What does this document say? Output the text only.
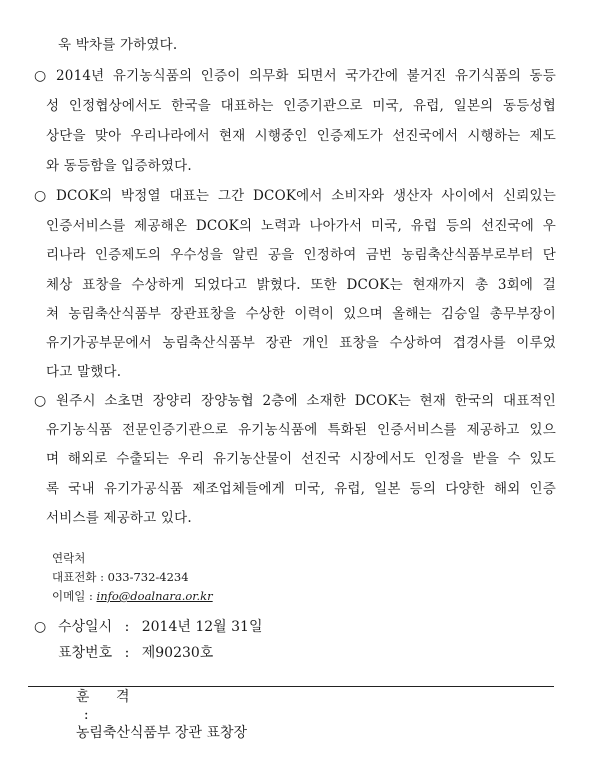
욱 박차를 가하였다.
○ 2014년 유기농식품의 인증이 의무화 되면서 국가간에 불거진 유기식품의 동등
성 인정협상에서도 한국을 대표하는 인증기관으로 미국, 유럽, 일본의 동등성협
상단을 맞아 우리나라에서 현재 시행중인 인증제도가 선진국에서 시행하는 제도
와 동등함을 입증하였다.
○ DCOK의 박정열 대표는 그간 DCOK에서 소비자와 생산자 사이에서 신뢰있는
인증서비스를 제공해온 DCOK의 노력과 나아가서 미국, 유럽 등의 선진국에 우
리나라 인증제도의 우수성을 알린 공을 인정하여 금번 농림축산식품부로부터 단
체상 표창을 수상하게 되었다고 밝혔다. 또한 DCOK는 현재까지 총 3회에 걸
쳐 농림축산식품부 장관표창을 수상한 이력이 있으며 올해는 김승일 총무부장이
유기가공부문에서 농림축산식품부 장관 개인 표창을 수상하여 겹경사를 이루었
다고 말했다.
○ 원주시 소초면 장양리 장양농협 2층에 소재한 DCOK는 현재 한국의 대표적인
유기농식품 전문인증기관으로 유기농식품에 특화된 인증서비스를 제공하고 있으
며 해외로 수출되는 우리 유기농산물이 선진국 시장에서도 인정을 받을 수 있도
록 국내 유기가공식품 제조업체들에게 미국, 유럽, 일본 등의 다양한 해외 인증
서비스를 제공하고 있다.
연락처
대표전화 : 033-732-4234
이메일 : info@doalnara.or.kr
○ 수상일시 : 2014년 12월 31일
표창번호 : 제90230호

훈      격
:
농림축산식품부 장관 표창장
